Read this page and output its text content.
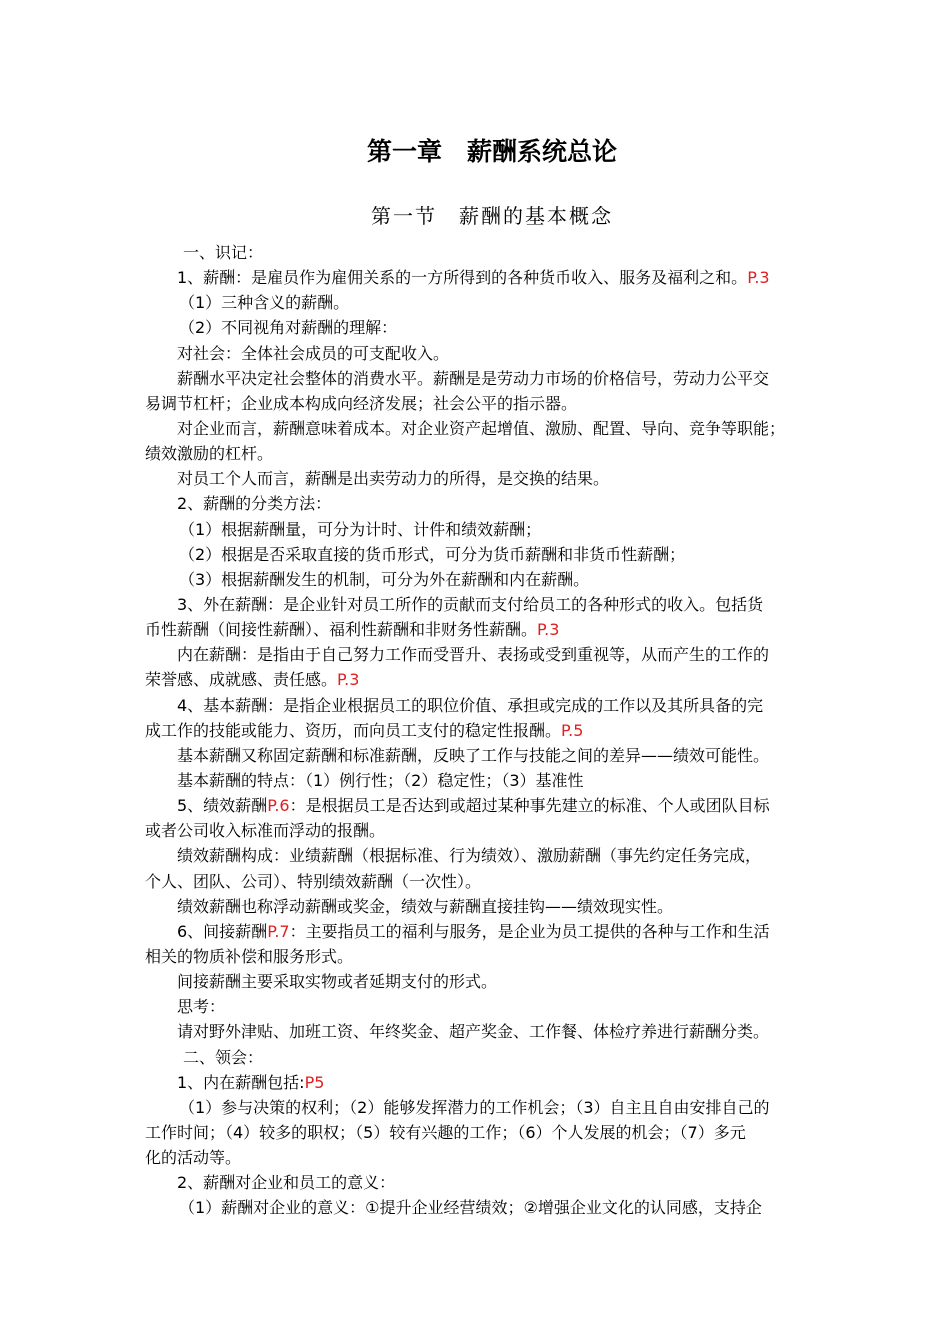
第一章　薪酬系统总论
第一节　薪酬的基本概念
一、识记：
1、薪酬：是雇员作为雇佣关系的一方所得到的各种货币收入、服务及福利之和。P.3
（1）三种含义的薪酬。
（2）不同视角对薪酬的理解：
对社会：全体社会成员的可支配收入。
薪酬水平决定社会整体的消费水平。薪酬是是劳动力市场的价格信号，劳动力公平交
易调节杠杆；企业成本构成向经济发展；社会公平的指示器。
对企业而言，薪酬意味着成本。对企业资产起增值、激励、配置、导向、竞争等职能；
绩效激励的杠杆。
对员工个人而言，薪酬是出卖劳动力的所得，是交换的结果。
2、薪酬的分类方法：
（1）根据薪酬量，可分为计时、计件和绩效薪酬；
（2）根据是否采取直接的货币形式，可分为货币薪酬和非货币性薪酬；
（3）根据薪酬发生的机制，可分为外在薪酬和内在薪酬。
3、外在薪酬：是企业针对员工所作的贡献而支付给员工的各种形式的收入。包括货
币性薪酬（间接性薪酬）、福利性薪酬和非财务性薪酬。P.3
内在薪酬：是指由于自己努力工作而受晋升、表扬或受到重视等，从而产生的工作的
荣誉感、成就感、责任感。P.3
4、基本薪酬：是指企业根据员工的职位价值、承担或完成的工作以及其所具备的完
成工作的技能或能力、资历，而向员工支付的稳定性报酬。P.5
基本薪酬又称固定薪酬和标准薪酬，反映了工作与技能之间的差异——绩效可能性。
基本薪酬的特点：（1）例行性；（2）稳定性；（3）基准性
5、绩效薪酬P.6：是根据员工是否达到或超过某种事先建立的标准、个人或团队目标
或者公司收入标准而浮动的报酬。
绩效薪酬构成：业绩薪酬（根据标准、行为绩效）、激励薪酬（事先约定任务完成，
个人、团队、公司）、特别绩效薪酬（一次性）。
绩效薪酬也称浮动薪酬或奖金，绩效与薪酬直接挂钩——绩效现实性。
6、间接薪酬P.7：主要指员工的福利与服务，是企业为员工提供的各种与工作和生活
相关的物质补偿和服务形式。
间接薪酬主要采取实物或者延期支付的形式。
思考：
请对野外津贴、加班工资、年终奖金、超产奖金、工作餐、体检疗养进行薪酬分类。
二、领会：
1、内在薪酬包括:P5
（1）参与决策的权利；（2）能够发挥潜力的工作机会；（3）自主且自由安排自己的
工作时间；（4）较多的职权；（5）较有兴趣的工作；（6）个人发展的机会；（7）多元
化的活动等。
2、薪酬对企业和员工的意义：
（1）薪酬对企业的意义：①提升企业经营绩效；②增强企业文化的认同感，支持企
